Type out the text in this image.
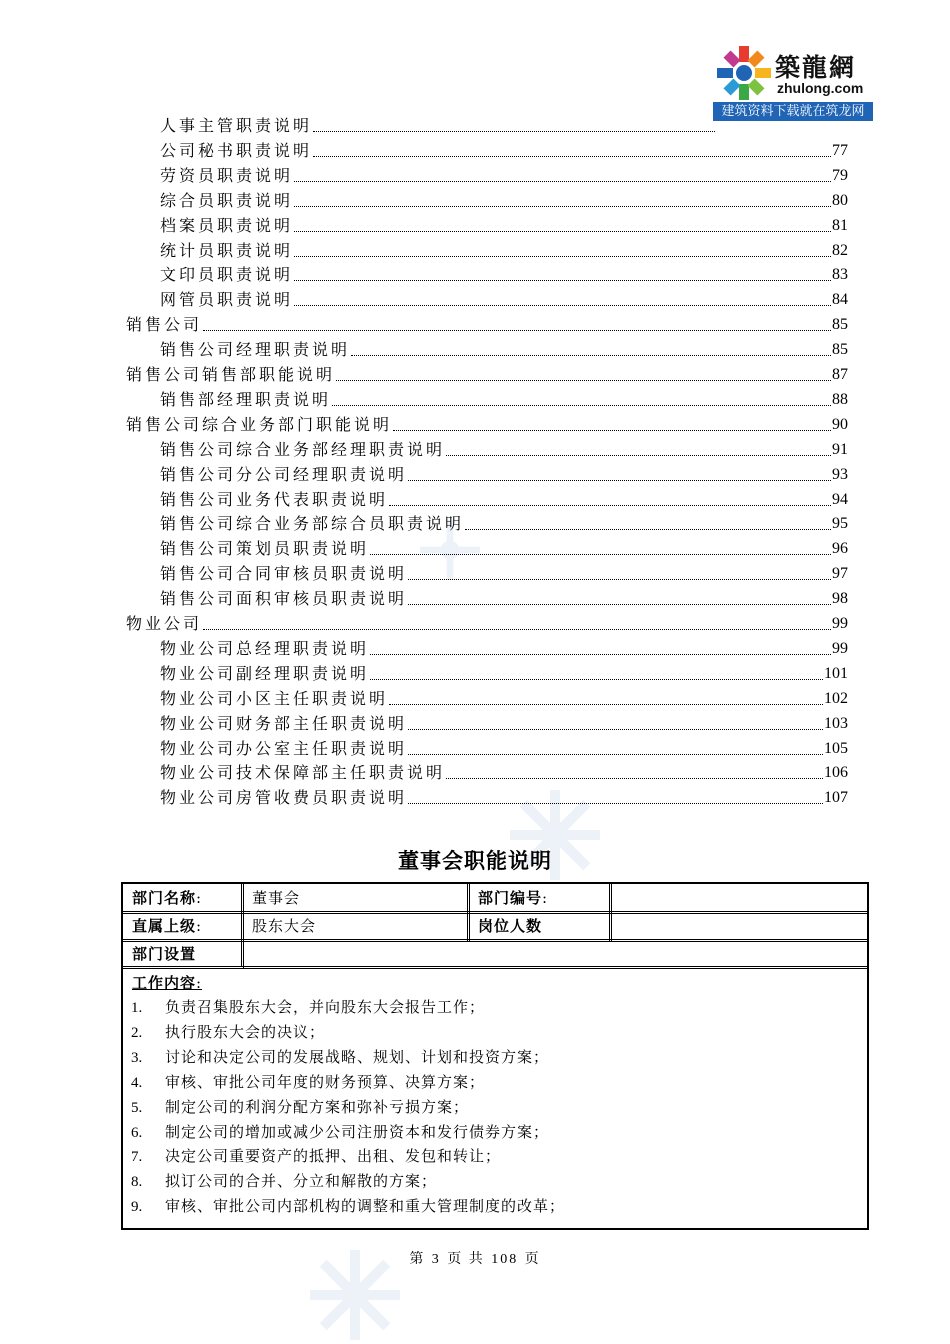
築龍網
zhulong.com
建筑资料下载就在筑龙网
人事主管职责说明
公司秘书职责说明	77
劳资员职责说明	79
综合员职责说明	80
档案员职责说明	81
统计员职责说明	82
文印员职责说明	83
网管员职责说明	84
销售公司	85
销售公司经理职责说明	85
销售公司销售部职能说明	87
销售部经理职责说明	88
销售公司综合业务部门职能说明	90
销售公司综合业务部经理职责说明	91
销售公司分公司经理职责说明	93
销售公司业务代表职责说明	94
销售公司综合业务部综合员职责说明	95
销售公司策划员职责说明	96
销售公司合同审核员职责说明	97
销售公司面积审核员职责说明	98
物业公司	99
物业公司总经理职责说明	99
物业公司副经理职责说明	101
物业公司小区主任职责说明	102
物业公司财务部主任职责说明	103
物业公司办公室主任职责说明	105
物业公司技术保障部主任职责说明	106
物业公司房管收费员职责说明	107
董事会职能说明
部门名称:	董事会	部门编号:
直属上级:	股东大会	岗位人数
部门设置
工作内容:
1. 负责召集股东大会，并向股东大会报告工作；
2. 执行股东大会的决议；
3. 讨论和决定公司的发展战略、规划、计划和投资方案；
4. 审核、审批公司年度的财务预算、决算方案；
5. 制定公司的利润分配方案和弥补亏损方案；
6. 制定公司的增加或减少公司注册资本和发行债券方案；
7. 决定公司重要资产的抵押、出租、发包和转让；
8. 拟订公司的合并、分立和解散的方案；
9. 审核、审批公司内部机构的调整和重大管理制度的改革；
第 3 页 共 108 页
